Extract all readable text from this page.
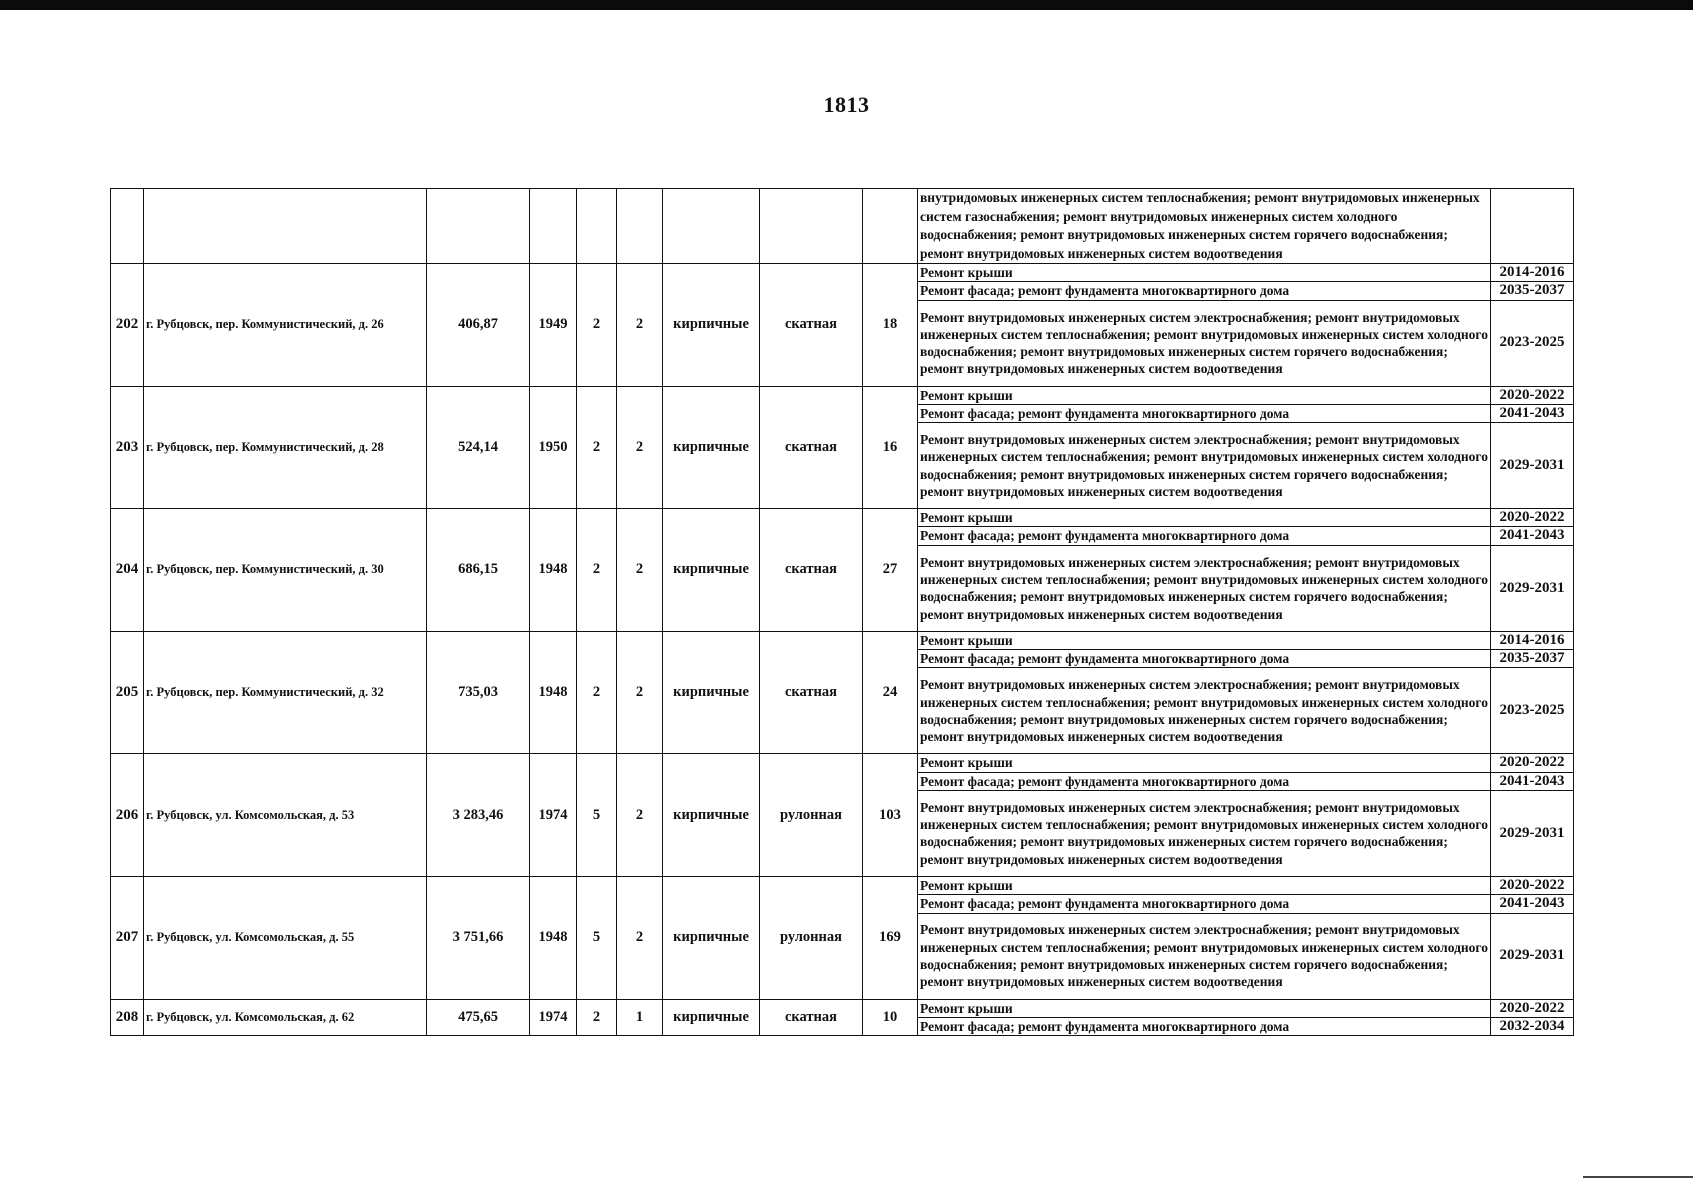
1813
									внутридомовых инженерных систем теплоснабжения; ремонт внутридомовых инженерных систем газоснабжения; ремонт внутридомовых инженерных систем холодного водоснабжения; ремонт внутридомовых инженерных систем горячего водоснабжения; ремонт внутридомовых инженерных систем водоотведения	
202	г. Рубцовск, пер. Коммунистический, д. 26	406,87	1949	2	2	кирпичные	скатная	18	Ремонт крыши	2014-2016
									Ремонт фасада; ремонт фундамента многоквартирного дома	2035-2037
									Ремонт внутридомовых инженерных систем электроснабжения; ремонт внутридомовых инженерных систем теплоснабжения; ремонт внутридомовых инженерных систем холодного водоснабжения; ремонт внутридомовых инженерных систем горячего водоснабжения; ремонт внутридомовых инженерных систем водоотведения	2023-2025
203	г. Рубцовск, пер. Коммунистический, д. 28	524,14	1950	2	2	кирпичные	скатная	16	Ремонт крыши	2020-2022
									Ремонт фасада; ремонт фундамента многоквартирного дома	2041-2043
									Ремонт внутридомовых инженерных систем электроснабжения; ремонт внутридомовых инженерных систем теплоснабжения; ремонт внутридомовых инженерных систем холодного водоснабжения; ремонт внутридомовых инженерных систем горячего водоснабжения; ремонт внутридомовых инженерных систем водоотведения	2029-2031
204	г. Рубцовск, пер. Коммунистический, д. 30	686,15	1948	2	2	кирпичные	скатная	27	Ремонт крыши	2020-2022
									Ремонт фасада; ремонт фундамента многоквартирного дома	2041-2043
									Ремонт внутридомовых инженерных систем электроснабжения; ремонт внутридомовых инженерных систем теплоснабжения; ремонт внутридомовых инженерных систем холодного водоснабжения; ремонт внутридомовых инженерных систем горячего водоснабжения; ремонт внутридомовых инженерных систем водоотведения	2029-2031
205	г. Рубцовск, пер. Коммунистический, д. 32	735,03	1948	2	2	кирпичные	скатная	24	Ремонт крыши	2014-2016
									Ремонт фасада; ремонт фундамента многоквартирного дома	2035-2037
									Ремонт внутридомовых инженерных систем электроснабжения; ремонт внутридомовых инженерных систем теплоснабжения; ремонт внутридомовых инженерных систем холодного водоснабжения; ремонт внутридомовых инженерных систем горячего водоснабжения; ремонт внутридомовых инженерных систем водоотведения	2023-2025
206	г. Рубцовск, ул. Комсомольская, д. 53	3 283,46	1974	5	2	кирпичные	рулонная	103	Ремонт крыши	2020-2022
									Ремонт фасада; ремонт фундамента многоквартирного дома	2041-2043
									Ремонт внутридомовых инженерных систем электроснабжения; ремонт внутридомовых инженерных систем теплоснабжения; ремонт внутридомовых инженерных систем холодного водоснабжения; ремонт внутридомовых инженерных систем горячего водоснабжения; ремонт внутридомовых инженерных систем водоотведения	2029-2031
207	г. Рубцовск, ул. Комсомольская, д. 55	3 751,66	1948	5	2	кирпичные	рулонная	169	Ремонт крыши	2020-2022
									Ремонт фасада; ремонт фундамента многоквартирного дома	2041-2043
									Ремонт внутридомовых инженерных систем электроснабжения; ремонт внутридомовых инженерных систем теплоснабжения; ремонт внутридомовых инженерных систем холодного водоснабжения; ремонт внутридомовых инженерных систем горячего водоснабжения; ремонт внутридомовых инженерных систем водоотведения	2029-2031
208	г. Рубцовск, ул. Комсомольская, д. 62	475,65	1974	2	1	кирпичные	скатная	10	Ремонт крыши	2020-2022
									Ремонт фасада; ремонт фундамента многоквартирного дома	2032-2034
